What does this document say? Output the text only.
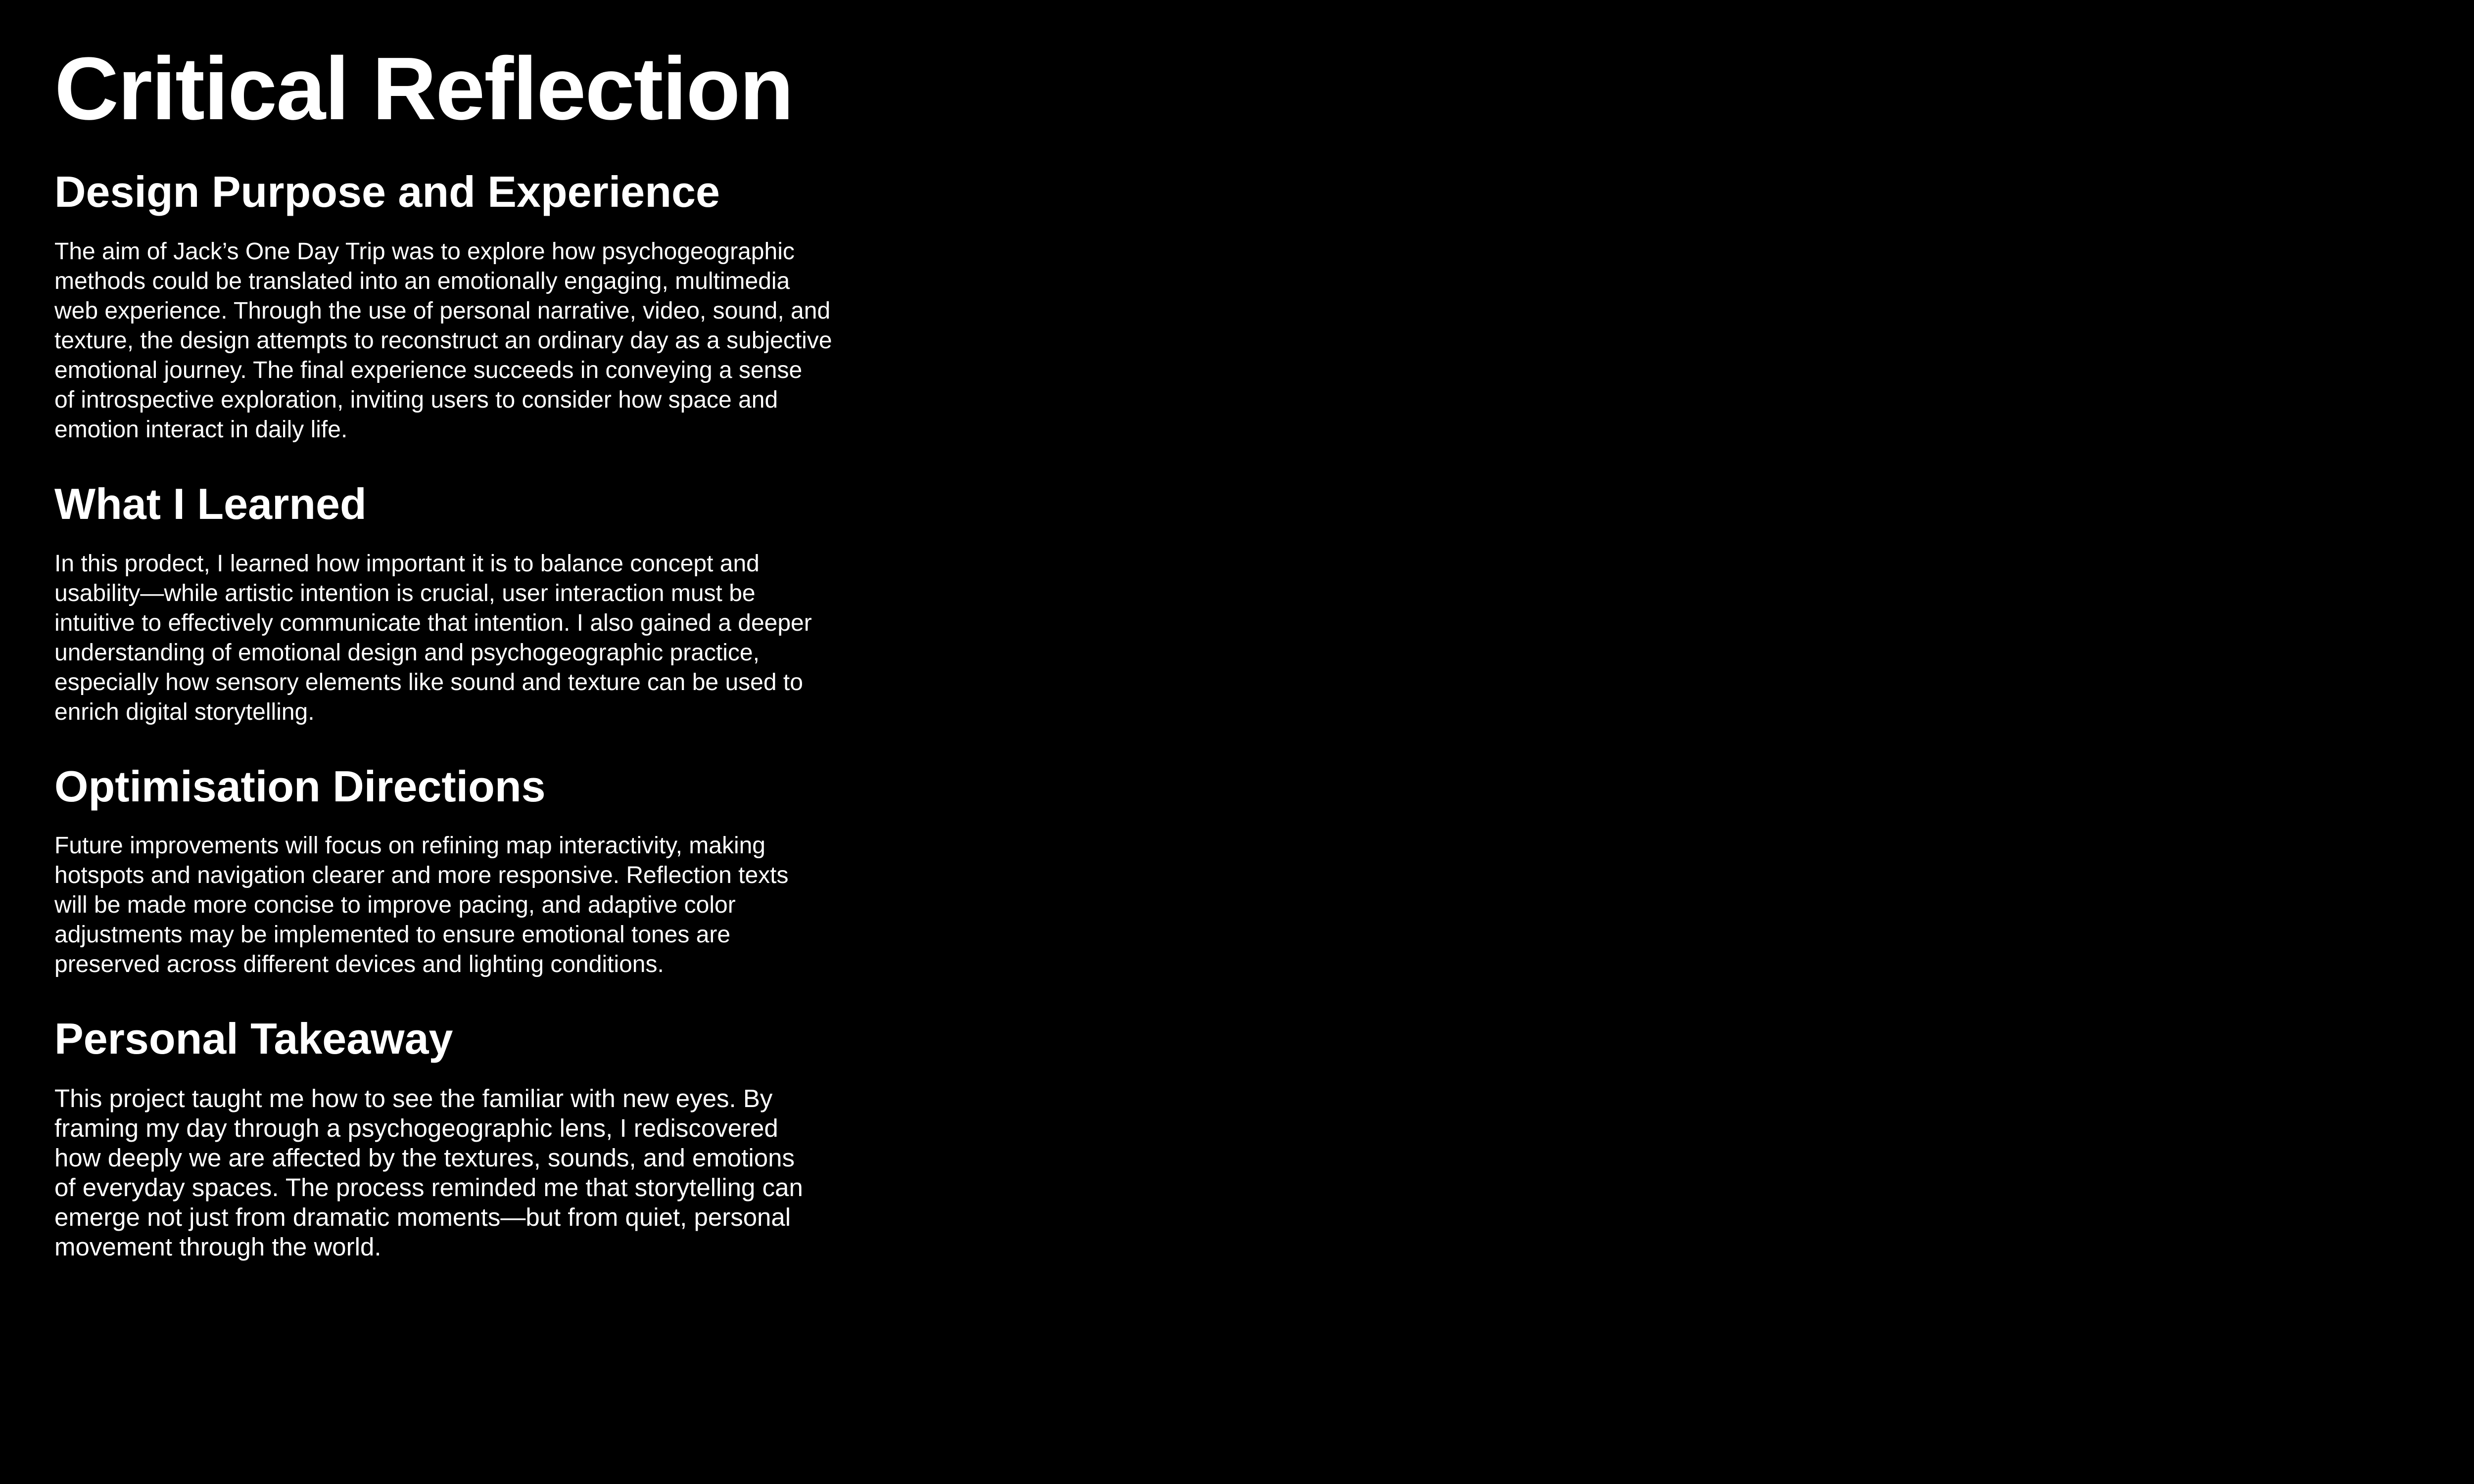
Critical Reflection
Design Purpose and Experience

The aim of Jack’s One Day Trip was to explore how psychogeographic
methods could be translated into an emotionally engaging, multimedia
web experience. Through the use of personal narrative, video, sound, and
texture, the design attempts to reconstruct an ordinary day as a subjective
emotional journey. The final experience succeeds in conveying a sense
of introspective exploration, inviting users to consider how space and
emotion interact in daily life.

What I Learned

In this prodect, I learned how important it is to balance concept and
usability—while artistic intention is crucial, user interaction must be
intuitive to effectively communicate that intention. I also gained a deeper
understanding of emotional design and psychogeographic practice,
especially how sensory elements like sound and texture can be used to
enrich digital storytelling.

Optimisation Directions

Future improvements will focus on refining map interactivity, making
hotspots and navigation clearer and more responsive. Reflection texts
will be made more concise to improve pacing, and adaptive color
adjustments may be implemented to ensure emotional tones are
preserved across different devices and lighting conditions.

Personal Takeaway

This project taught me how to see the familiar with new eyes. By
framing my day through a psychogeographic lens, I rediscovered
how deeply we are affected by the textures, sounds, and emotions
of everyday spaces. The process reminded me that storytelling can
emerge not just from dramatic moments—but from quiet, personal
movement through the world.
